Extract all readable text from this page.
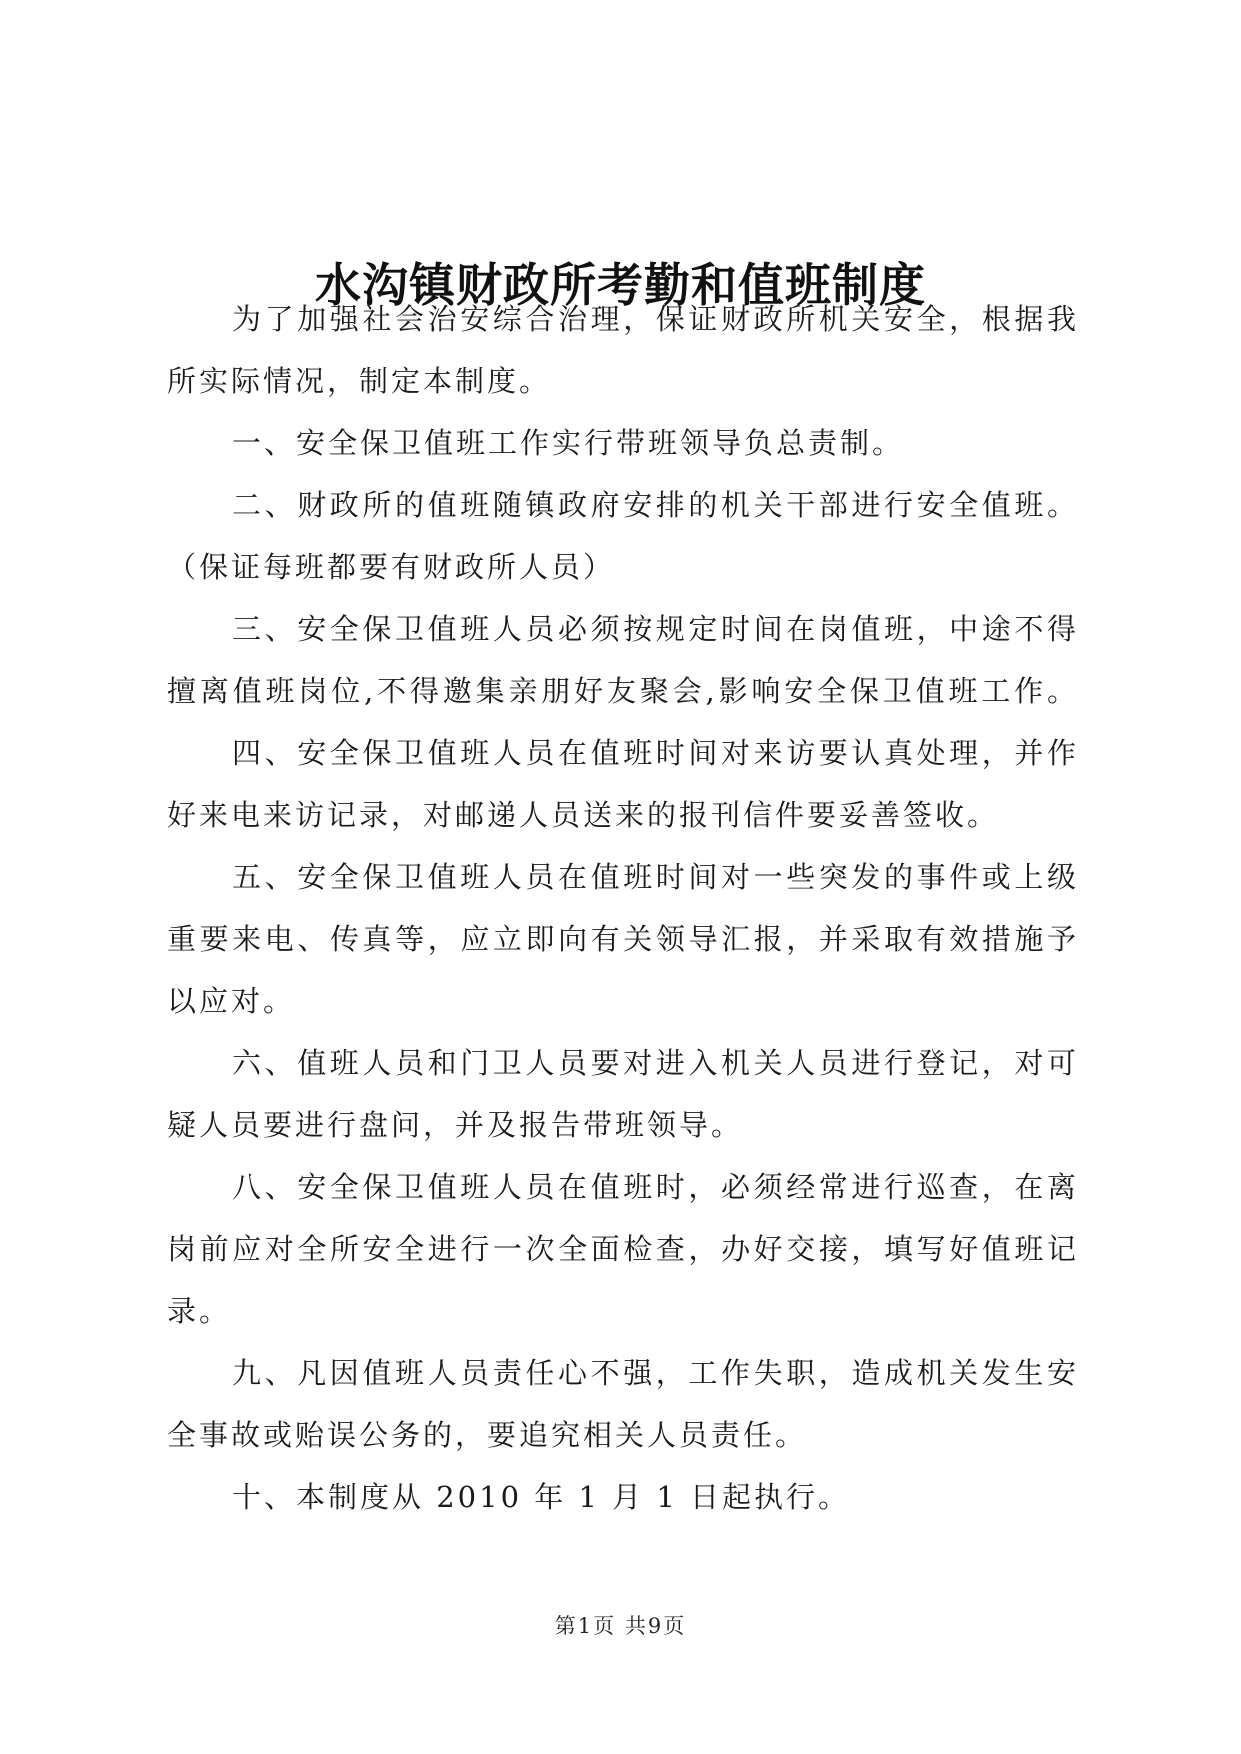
水沟镇财政所考勤和值班制度

为了加强社会治安综合治理，保证财政所机关安全，根据我
所实际情况，制定本制度。

一、安全保卫值班工作实行带班领导负总责制。

二、财政所的值班随镇政府安排的机关干部进行安全值班。
（保证每班都要有财政所人员）

三、安全保卫值班人员必须按规定时间在岗值班，中途不得
擅离值班岗位,不得邀集亲朋好友聚会,影响安全保卫值班工作。

四、安全保卫值班人员在值班时间对来访要认真处理，并作
好来电来访记录，对邮递人员送来的报刊信件要妥善签收。

五、安全保卫值班人员在值班时间对一些突发的事件或上级
重要来电、传真等，应立即向有关领导汇报，并采取有效措施予
以应对。

六、值班人员和门卫人员要对进入机关人员进行登记，对可
疑人员要进行盘问，并及报告带班领导。

八、安全保卫值班人员在值班时，必须经常进行巡查，在离
岗前应对全所安全进行一次全面检查，办好交接，填写好值班记
录。

九、凡因值班人员责任心不强，工作失职，造成机关发生安
全事故或贻误公务的，要追究相关人员责任。

十、本制度从 2010 年 1 月 1 日起执行。

第1页 共9页
